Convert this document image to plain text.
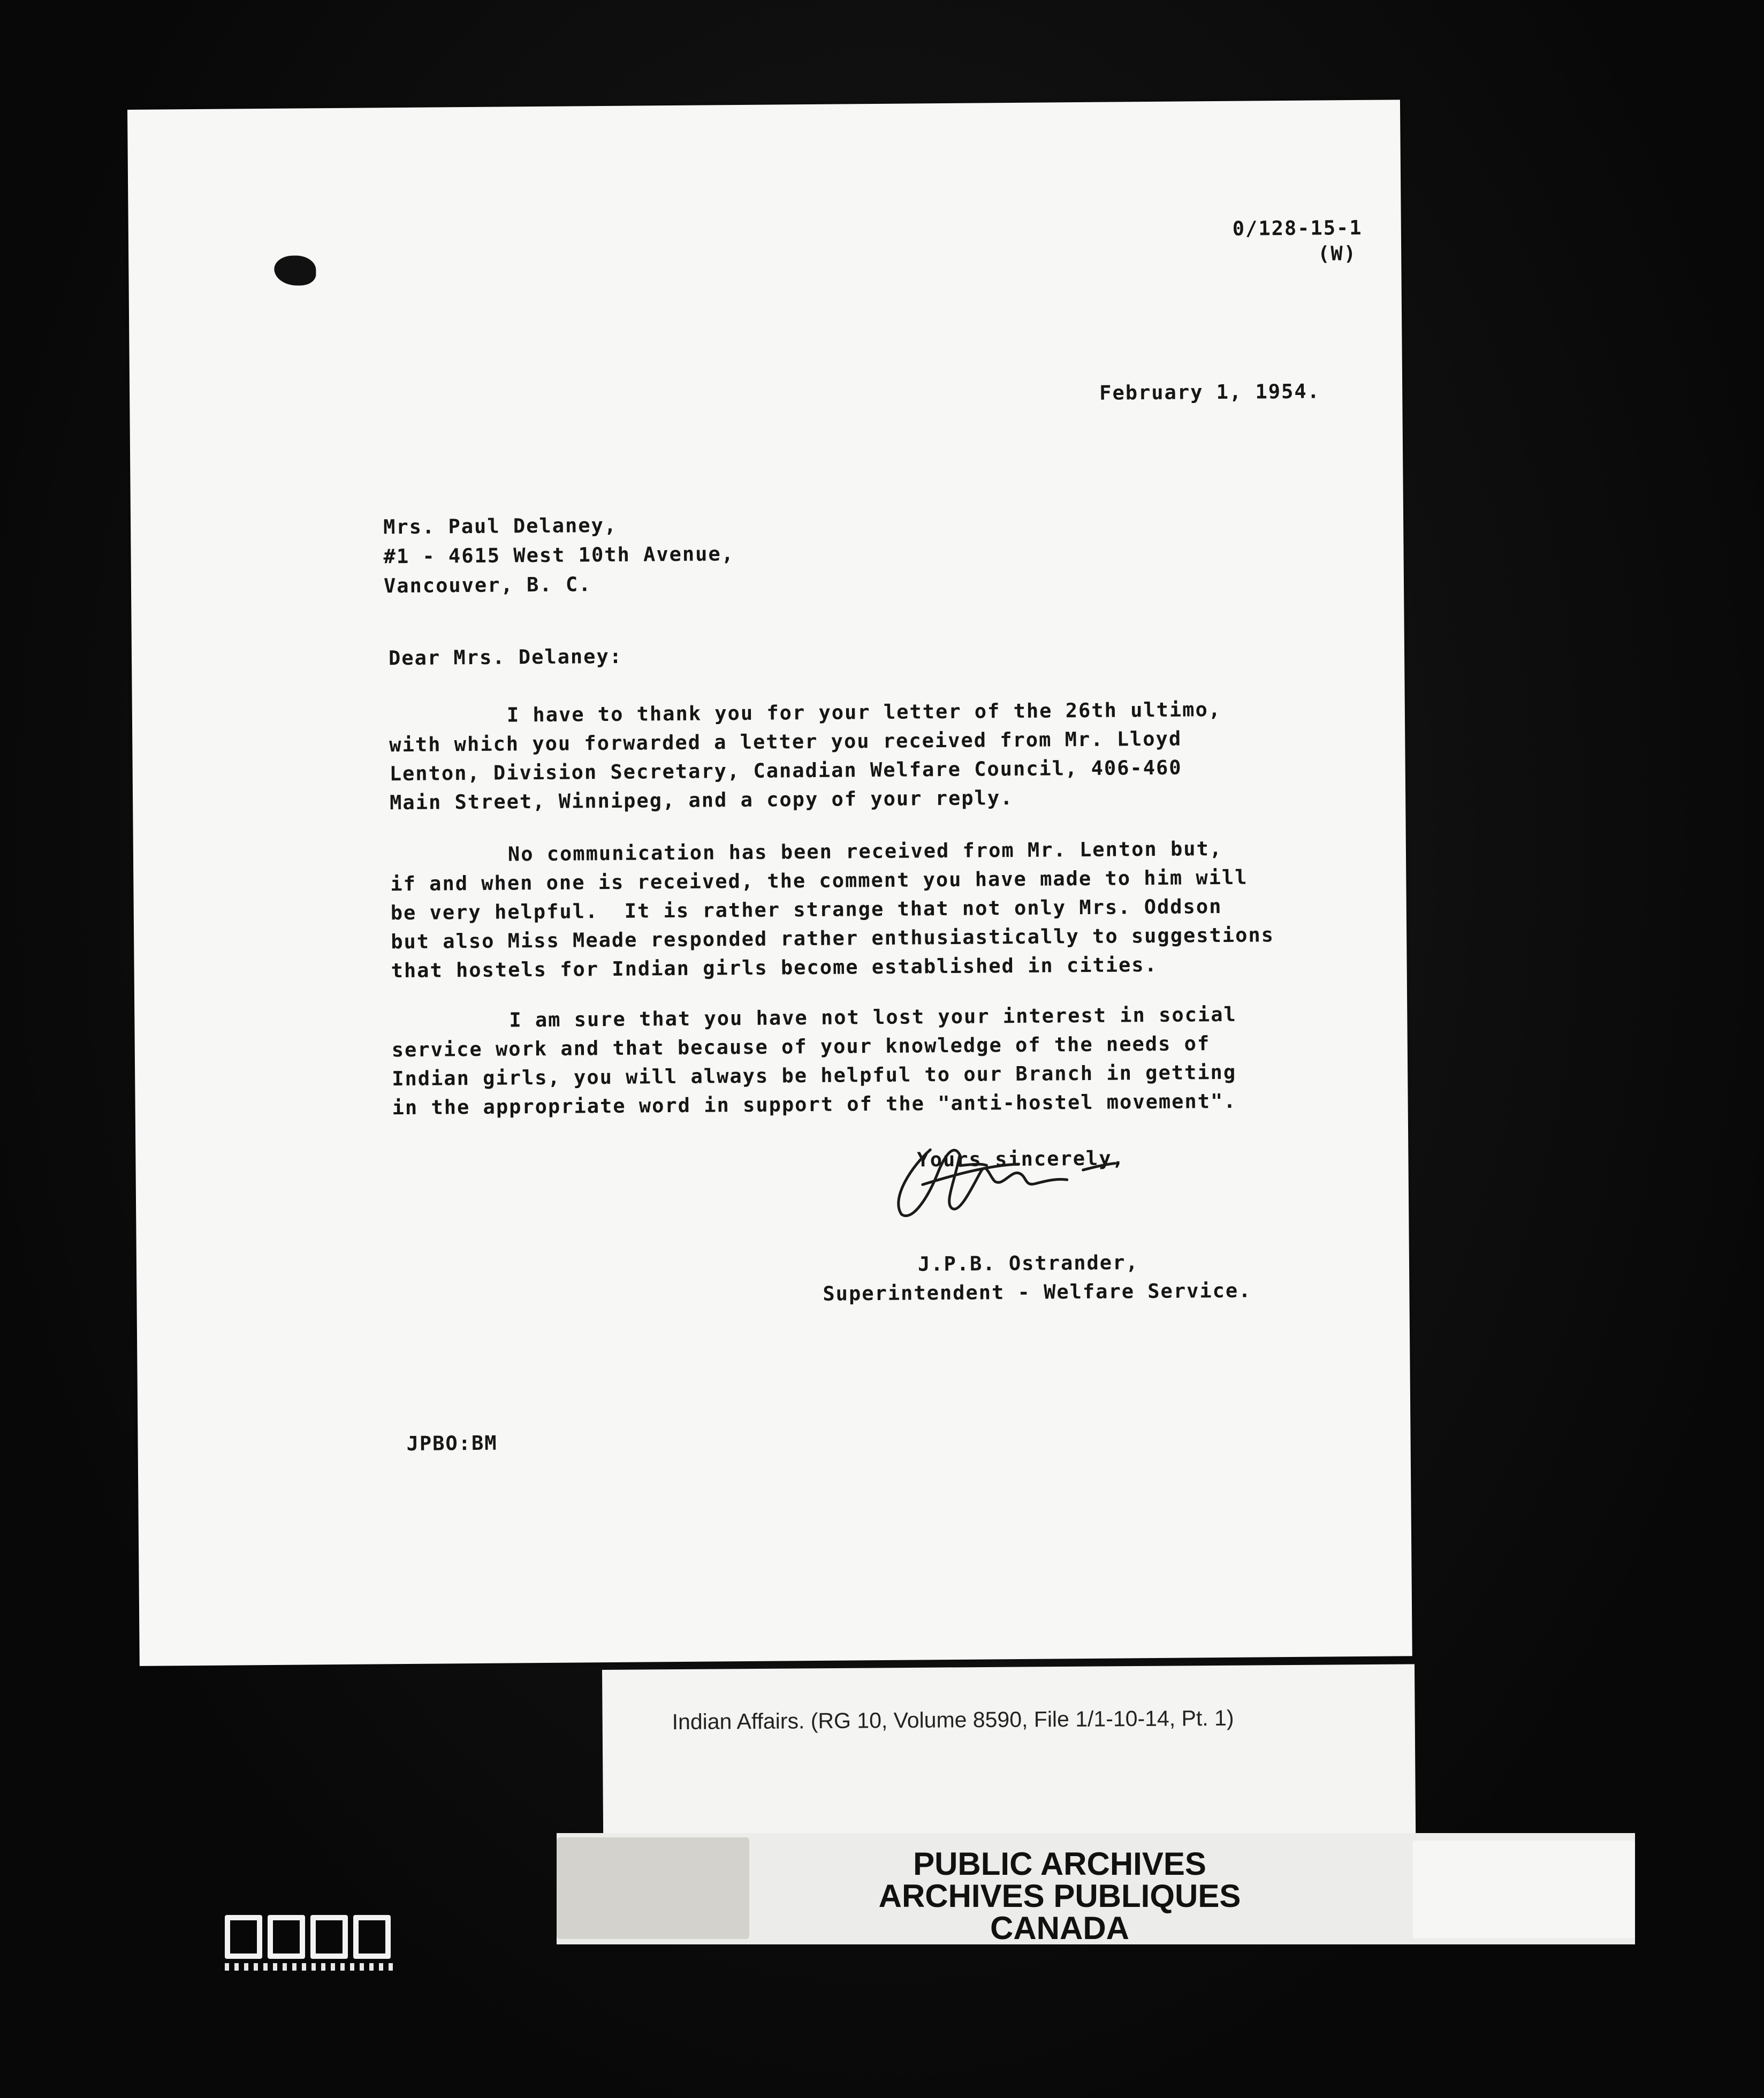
0/128-15-1
(W)
February 1, 1954.
Mrs. Paul Delaney,
#1 - 4615 West 10th Avenue,
Vancouver, B. C.
Dear Mrs. Delaney:
I have to thank you for your letter of the 26th ultimo,
with which you forwarded a letter you received from Mr. Lloyd
Lenton, Division Secretary, Canadian Welfare Council, 406-460
Main Street, Winnipeg, and a copy of your reply.
No communication has been received from Mr. Lenton but,
if and when one is received, the comment you have made to him will
be very helpful.  It is rather strange that not only Mrs. Oddson
but also Miss Meade responded rather enthusiastically to suggestions
that hostels for Indian girls become established in cities.
I am sure that you have not lost your interest in social
service work and that because of your knowledge of the needs of
Indian girls, you will always be helpful to our Branch in getting
in the appropriate word in support of the "anti-hostel movement".
Yours sincerely,
J.P.B. Ostrander,
Superintendent - Welfare Service.
JPBO:BM
Indian Affairs. (RG 10, Volume 8590, File 1/1-10-14, Pt. 1)
PUBLIC ARCHIVES
ARCHIVES PUBLIQUES
CANADA
